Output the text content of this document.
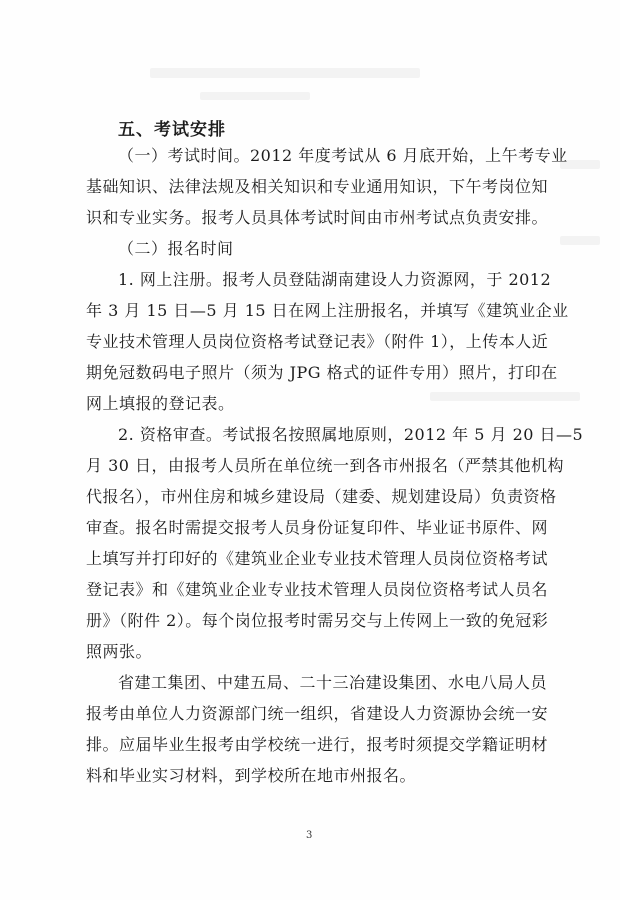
五、考试安排
（一）考试时间。2012 年度考试从 6 月底开始，上午考专业
基础知识、法律法规及相关知识和专业通用知识，下午考岗位知
识和专业实务。报考人员具体考试时间由市州考试点负责安排。
（二）报名时间
1. 网上注册。报考人员登陆湖南建设人力资源网，于 2012
年 3 月 15 日—5 月 15 日在网上注册报名，并填写《建筑业企业
专业技术管理人员岗位资格考试登记表》（附件 1），上传本人近
期免冠数码电子照片（须为 JPG 格式的证件专用）照片，打印在
网上填报的登记表。
2. 资格审查。考试报名按照属地原则，2012 年 5 月 20 日—5
月 30 日，由报考人员所在单位统一到各市州报名（严禁其他机构
代报名），市州住房和城乡建设局（建委、规划建设局）负责资格
审查。报名时需提交报考人员身份证复印件、毕业证书原件、网
上填写并打印好的《建筑业企业专业技术管理人员岗位资格考试
登记表》和《建筑业企业专业技术管理人员岗位资格考试人员名
册》（附件 2）。每个岗位报考时需另交与上传网上一致的免冠彩
照两张。
省建工集团、中建五局、二十三冶建设集团、水电八局人员
报考由单位人力资源部门统一组织，省建设人力资源协会统一安
排。应届毕业生报考由学校统一进行，报考时须提交学籍证明材
料和毕业实习材料，到学校所在地市州报名。
3
